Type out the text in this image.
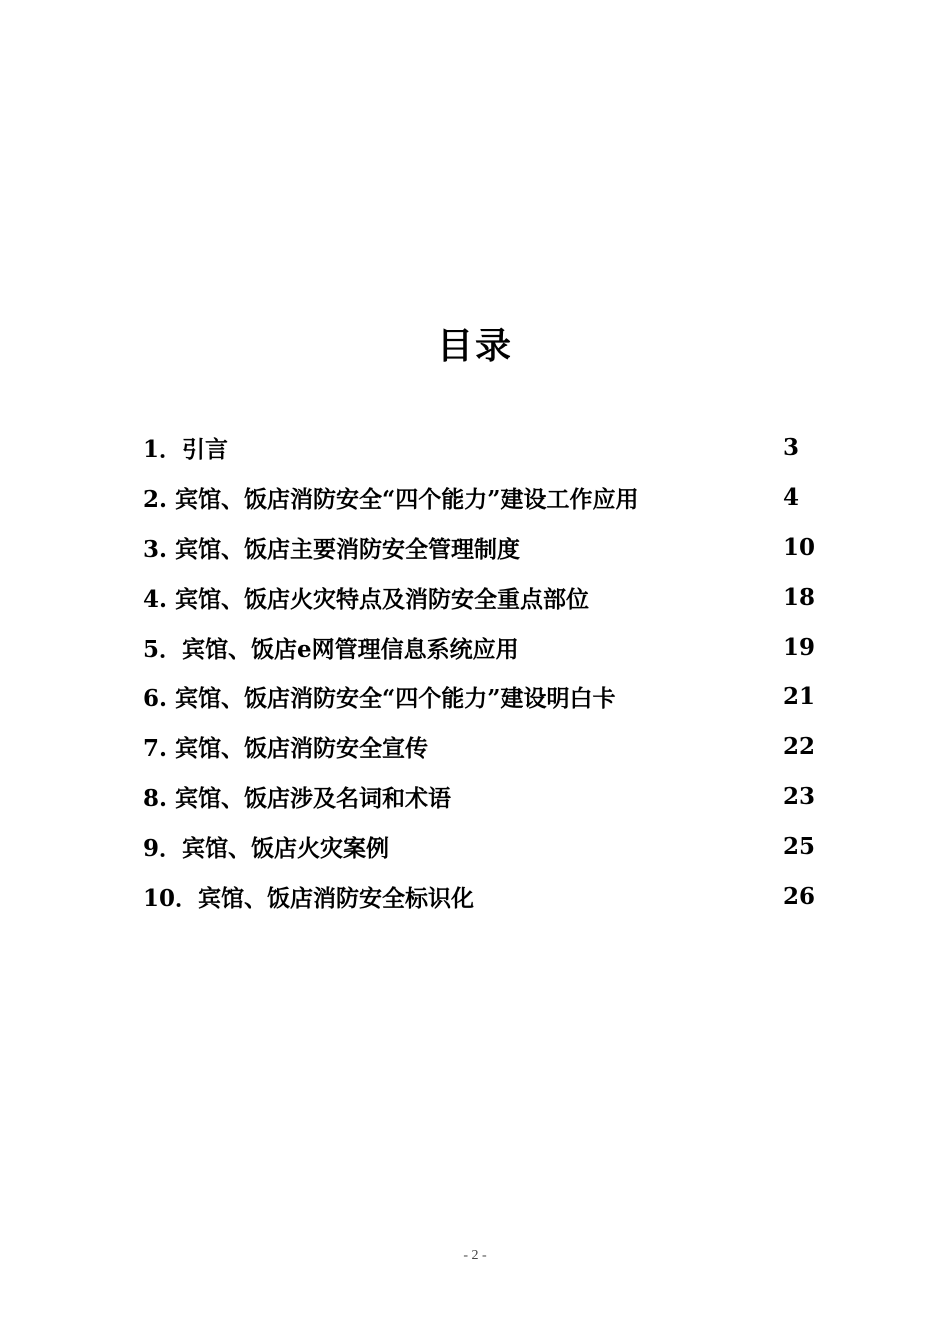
目录
1．引言	3
2. 宾馆、饭店消防安全“四个能力”建设工作应用	4
3. 宾馆、饭店主要消防安全管理制度	10
4. 宾馆、饭店火灾特点及消防安全重点部位	18
5．宾馆、饭店e网管理信息系统应用	19
6. 宾馆、饭店消防安全“四个能力”建设明白卡	21
7. 宾馆、饭店消防安全宣传	22
8. 宾馆、饭店涉及名词和术语	23
9．宾馆、饭店火灾案例	25
10．宾馆、饭店消防安全标识化	26
- 2 -
